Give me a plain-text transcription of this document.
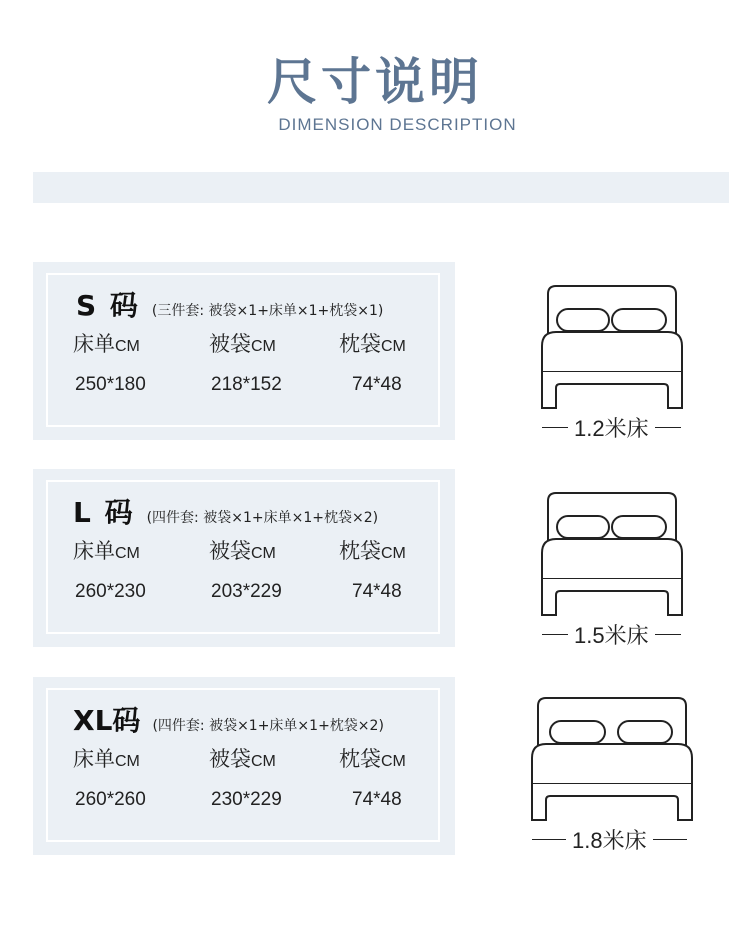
尺寸说明
DIMENSION DESCRIPTION
S 码 (三件套: 被袋×1+床单×1+枕袋×1)
床单CM	被袋CM	枕袋CM
250*180	218*152	74*48
L 码 (四件套: 被袋×1+床单×1+枕袋×2)
床单CM	被袋CM	枕袋CM
260*230	203*229	74*48
XL码 (四件套: 被袋×1+床单×1+枕袋×2)
床单CM	被袋CM	枕袋CM
260*260	230*229	74*48
1.2米床
1.5米床
1.8米床
